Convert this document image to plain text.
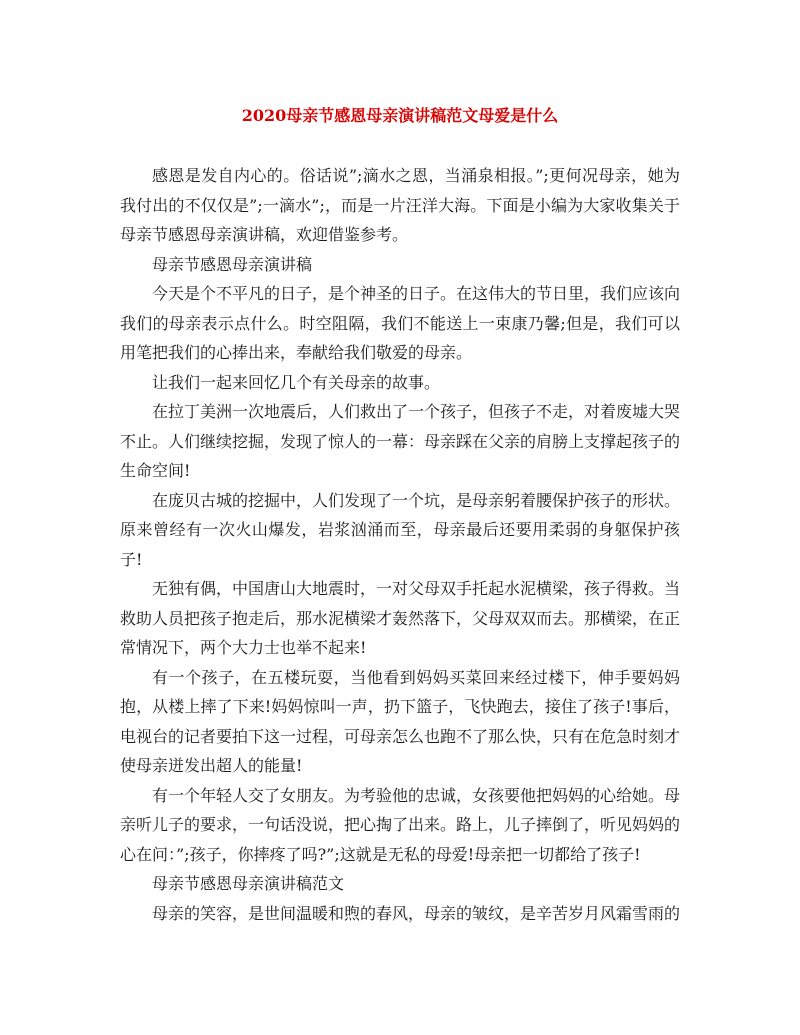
2020母亲节感恩母亲演讲稿范文母爱是什么

感恩是发自内心的。俗话说”;滴水之恩，当涌泉相报。”;更何况母亲，她为我付出的不仅仅是”;一滴水”;，而是一片汪洋大海。下面是小编为大家收集关于母亲节感恩母亲演讲稿，欢迎借鉴参考。

母亲节感恩母亲演讲稿

今天是个不平凡的日子，是个神圣的日子。在这伟大的节日里，我们应该向我们的母亲表示点什么。时空阻隔，我们不能送上一束康乃馨;但是，我们可以用笔把我们的心捧出来，奉献给我们敬爱的母亲。

让我们一起来回忆几个有关母亲的故事。

在拉丁美洲一次地震后，人们救出了一个孩子，但孩子不走，对着废墟大哭不止。人们继续挖掘，发现了惊人的一幕：母亲踩在父亲的肩膀上支撑起孩子的生命空间!

在庞贝古城的挖掘中，人们发现了一个坑，是母亲躬着腰保护孩子的形状。原来曾经有一次火山爆发，岩浆汹涌而至，母亲最后还要用柔弱的身躯保护孩子!

无独有偶，中国唐山大地震时，一对父母双手托起水泥横梁，孩子得救。当救助人员把孩子抱走后，那水泥横梁才轰然落下，父母双双而去。那横梁，在正常情况下，两个大力士也举不起来!

有一个孩子，在五楼玩耍，当他看到妈妈买菜回来经过楼下，伸手要妈妈抱，从楼上摔了下来!妈妈惊叫一声，扔下篮子，飞快跑去，接住了孩子!事后，电视台的记者要拍下这一过程，可母亲怎么也跑不了那么快，只有在危急时刻才使母亲迸发出超人的能量!

有一个年轻人交了女朋友。为考验他的忠诚，女孩要他把妈妈的心给她。母亲听儿子的要求，一句话没说，把心掏了出来。路上，儿子摔倒了，听见妈妈的心在问：”;孩子，你摔疼了吗?”;这就是无私的母爱!母亲把一切都给了孩子!

母亲节感恩母亲演讲稿范文

母亲的笑容，是世间温暖和煦的春风，母亲的皱纹，是辛苦岁月风霜雪雨的
